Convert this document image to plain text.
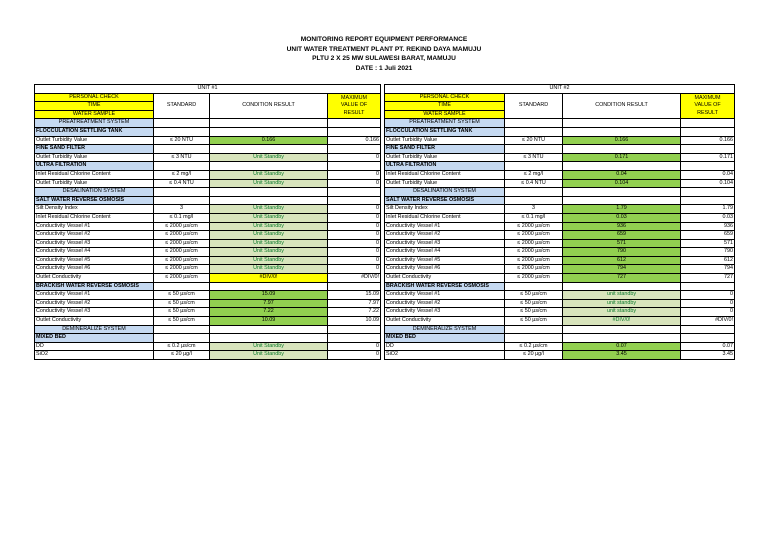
MONITORING REPORT EQUIPMENT PERFORMANCE
UNIT WATER TREATMENT PLANT PT. REKIND DAYA MAMUJU
PLTU 2 X 25 MW SULAWESI BARAT, MAMUJU
DATE : 1 Juli 2021
UNIT #1			
PERSONAL CHECK	STANDARD	CONDITION RESULT	MAXIMUM
VALUE OF
RESULT

TIME			
WATER SAMPLE			
PREATREATMENT SYSTEM			
FLOCCULATION SETTLING TANK			
Outlet Turbidity Value	≤ 20 NTU	0.166	0.166
FINE SAND FILTER			
Outlet Turbidity Value	≤ 3 NTU	Unit Standby	0
ULTRA FILTRATION			
Inlet Residual Chlorine Content	≤ 2 mg/l	Unit Standby	0
Outlet Turbidity Value	≤ 0.4 NTU	Unit Standby	0
DESALINATION SYSTEM			
SALT WATER REVERSE OSMOSIS			
Silt Density Index	3	Unit Standby	0
Inlet Residual Chlorine Content	≤ 0.1 mg/l	Unit Standby	0
Conductivity Vessel #1	≤ 2000 µs/cm	Unit Standby	0
Conductivity Vessel #2	≤ 2000 µs/cm	Unit Standby	0
Conductivity Vessel #3	≤ 2000 µs/cm	Unit Standby	0
Conductivity Vessel #4	≤ 2000 µs/cm	Unit Standby	0
Conductivity Vessel #5	≤ 2000 µs/cm	Unit Standby	0
Conductivity Vessel #6	≤ 2000 µs/cm	Unit Standby	0
Outlet Conductivity	≤ 2000 µs/cm	#DIV/0!	#DIV/0!
BRACKISH WATER REVERSE OSMOSIS			
Conductivity Vessel #1	≤ 50 µs/cm	15.09	15.09
Conductivity Vessel #2	≤ 50 µs/cm	7.97	7.97
Conductivity Vessel #3	≤ 50 µs/cm	7.22	7.22
Outlet Conductivity	≤ 50 µs/cm	10.09	10.09
DEMINERALIZE SYSTEM			
MIXED BED			
DD	≤ 0.2 µs/cm	Unit Standby	0
SiO2	≤ 20 µg/l	Unit Standby	0
UNIT #2			
PERSONAL CHECK	STANDARD	CONDITION RESULT	MAXIMUM
VALUE OF
RESULT

TIME			
WATER SAMPLE			
PREATREATMENT SYSTEM			
FLOCCULATION SETTLING TANK			
Outlet Turbidity Value	≤ 20 NTU	0.166	0.166
FINE SAND FILTER			
Outlet Turbidity Value	≤ 3 NTU	0.171	0.171
ULTRA FILTRATION			
Inlet Residual Chlorine Content	≤ 2 mg/l	0.04	0.04
Outlet Turbidity Value	≤ 0.4 NTU	0.104	0.104
DESALINATION SYSTEM			
SALT WATER REVERSE OSMOSIS			
Silt Density Index	3	1.79	1.79
Inlet Residual Chlorine Content	≤ 0.1 mg/l	0.03	0.03
Conductivity Vessel #1	≤ 2000 µs/cm	936	936
Conductivity Vessel #2	≤ 2000 µs/cm	659	659
Conductivity Vessel #3	≤ 2000 µs/cm	571	571
Conductivity Vessel #4	≤ 2000 µs/cm	790	790
Conductivity Vessel #5	≤ 2000 µs/cm	612	612
Conductivity Vessel #6	≤ 2000 µs/cm	794	794
Outlet Conductivity	≤ 2000 µs/cm	727	727
BRACKISH WATER REVERSE OSMOSIS			
Conductivity Vessel #1	≤ 50 µs/cm	unit standby	0
Conductivity Vessel #2	≤ 50 µs/cm	unit standby	0
Conductivity Vessel #3	≤ 50 µs/cm	unit standby	0
Outlet Conductivity	≤ 50 µs/cm	#DIV/0!	#DIV/0!
DEMINERALIZE SYSTEM			
MIXED BED			
DD	≤ 0.2 µs/cm	0.07	0.07
SiO2	≤ 20 µg/l	3.45	3.45
